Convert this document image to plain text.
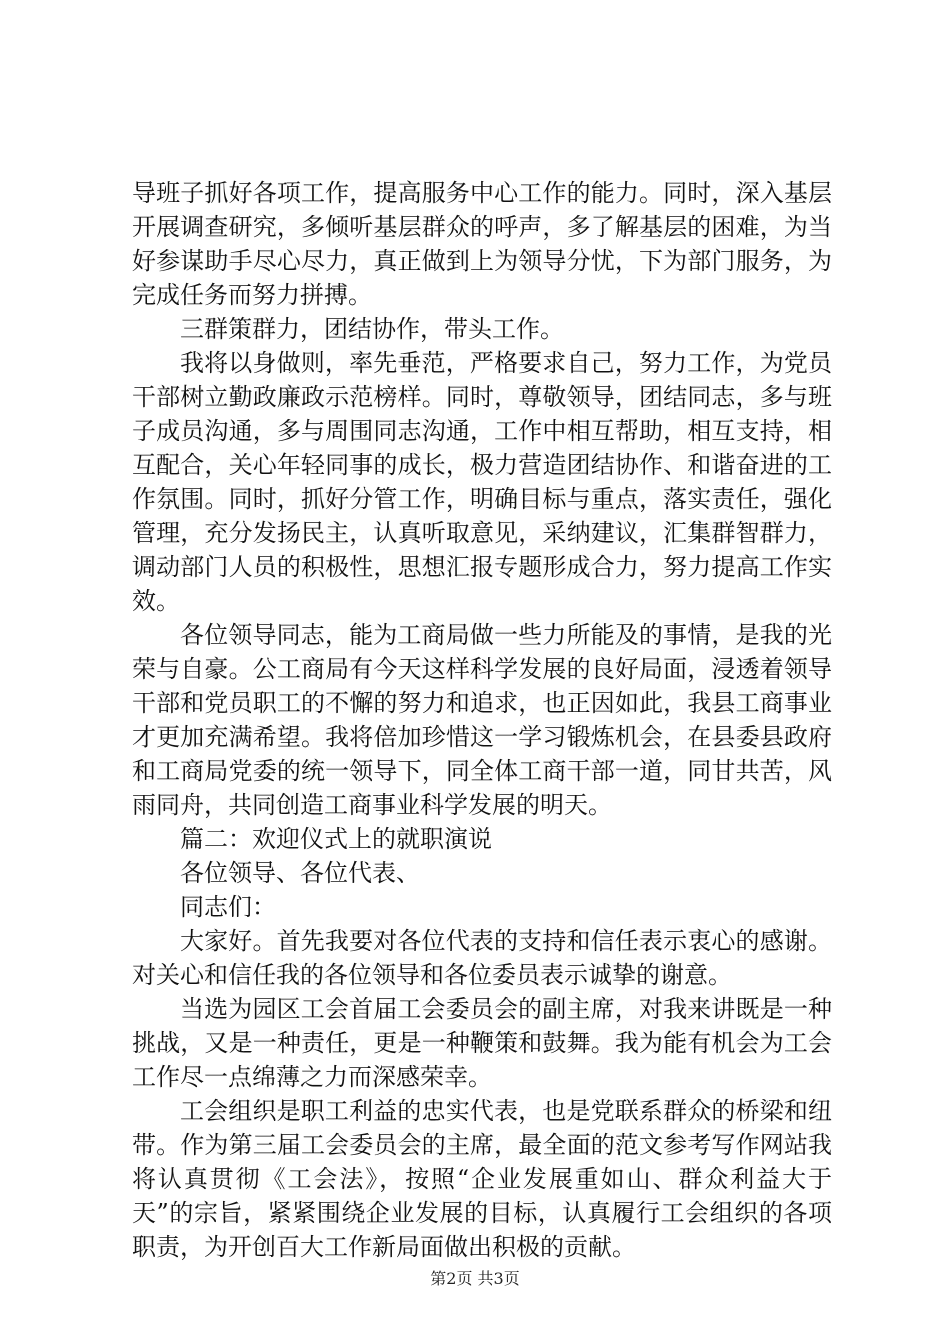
导班子抓好各项工作，提高服务中心工作的能力。同时，深入基层开展调查研究，多倾听基层群众的呼声，多了解基层的困难，为当好参谋助手尽心尽力，真正做到上为领导分忧，下为部门服务，为完成任务而努力拼搏。

三群策群力，团结协作，带头工作。

我将以身做则，率先垂范，严格要求自己，努力工作，为党员干部树立勤政廉政示范榜样。同时，尊敬领导，团结同志，多与班子成员沟通，多与周围同志沟通，工作中相互帮助，相互支持，相互配合，关心年轻同事的成长，极力营造团结协作、和谐奋进的工作氛围。同时，抓好分管工作，明确目标与重点，落实责任，强化管理，充分发扬民主，认真听取意见，采纳建议，汇集群智群力，调动部门人员的积极性，思想汇报专题形成合力，努力提高工作实效。

各位领导同志，能为工商局做一些力所能及的事情，是我的光荣与自豪。公工商局有今天这样科学发展的良好局面，浸透着领导干部和党员职工的不懈的努力和追求，也正因如此，我县工商事业才更加充满希望。我将倍加珍惜这一学习锻炼机会，在县委县政府和工商局党委的统一领导下，同全体工商干部一道，同甘共苦，风雨同舟，共同创造工商事业科学发展的明天。

篇二：欢迎仪式上的就职演说

各位领导、各位代表、

同志们：

大家好。首先我要对各位代表的支持和信任表示衷心的感谢。对关心和信任我的各位领导和各位委员表示诚挚的谢意。

当选为园区工会首届工会委员会的副主席，对我来讲既是一种挑战，又是一种责任，更是一种鞭策和鼓舞。我为能有机会为工会工作尽一点绵薄之力而深感荣幸。

工会组织是职工利益的忠实代表，也是党联系群众的桥梁和纽带。作为第三届工会委员会的主席，最全面的范文参考写作网站我将认真贯彻《工会法》，按照“企业发展重如山、群众利益大于天”的宗旨，紧紧围绕企业发展的目标，认真履行工会组织的各项职责，为开创百大工作新局面做出积极的贡献。

第2页 共3页
